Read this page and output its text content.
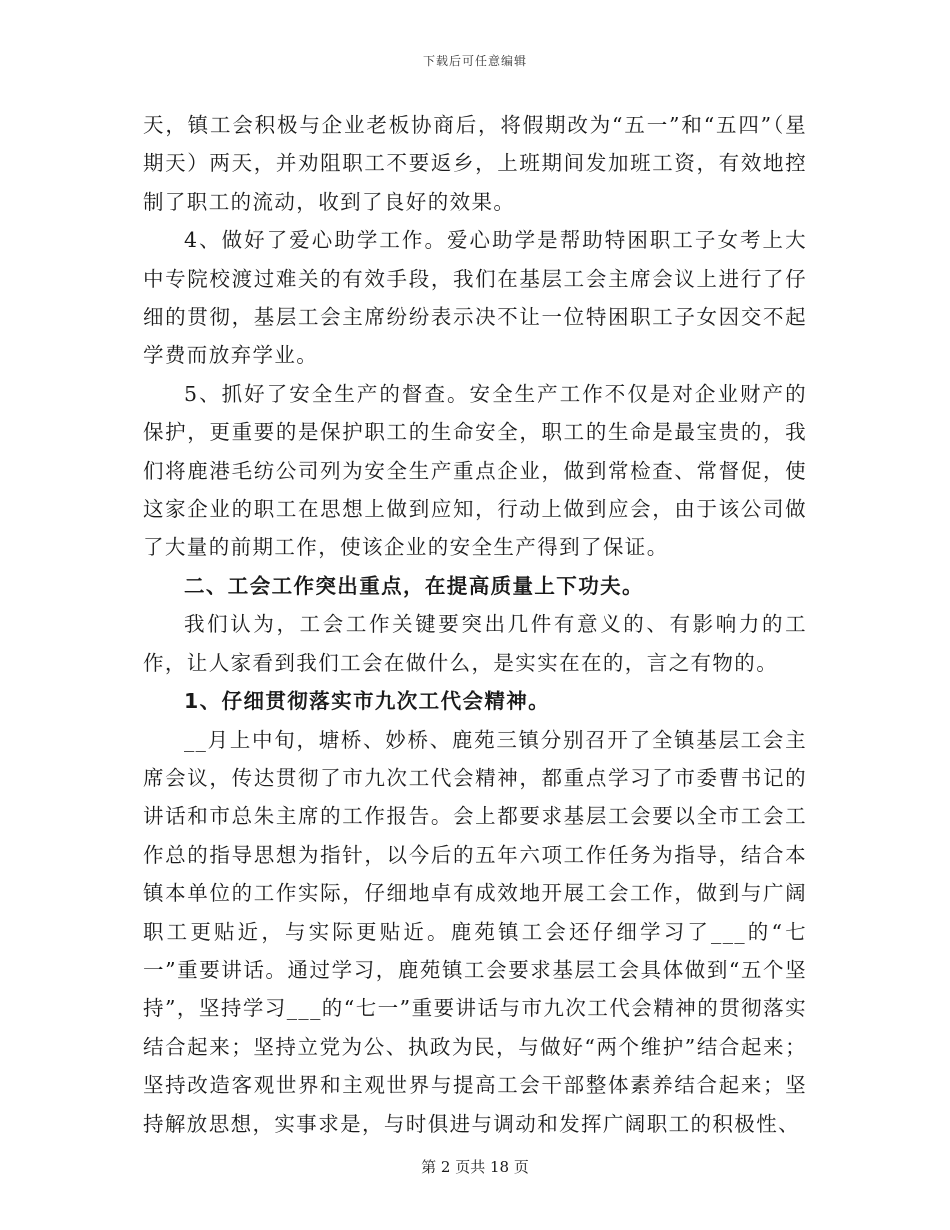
下载后可任意编辑

天，镇工会积极与企业老板协商后，将假期改为“五一”和“五四”（星期天）两天，并劝阻职工不要返乡，上班期间发加班工资，有效地控制了职工的流动，收到了良好的效果。

4、做好了爱心助学工作。爱心助学是帮助特困职工子女考上大中专院校渡过难关的有效手段，我们在基层工会主席会议上进行了仔细的贯彻，基层工会主席纷纷表示决不让一位特困职工子女因交不起学费而放弃学业。

5、抓好了安全生产的督查。安全生产工作不仅是对企业财产的保护，更重要的是保护职工的生命安全，职工的生命是最宝贵的，我们将鹿港毛纺公司列为安全生产重点企业，做到常检查、常督促，使这家企业的职工在思想上做到应知，行动上做到应会，由于该公司做了大量的前期工作，使该企业的安全生产得到了保证。

二、工会工作突出重点，在提高质量上下功夫。

我们认为，工会工作关键要突出几件有意义的、有影响力的工作，让人家看到我们工会在做什么，是实实在在的，言之有物的。

1、仔细贯彻落实市九次工代会精神。

__月上中旬，塘桥、妙桥、鹿苑三镇分别召开了全镇基层工会主席会议，传达贯彻了市九次工代会精神，都重点学习了市委曹书记的讲话和市总朱主席的工作报告。会上都要求基层工会要以全市工会工作总的指导思想为指针，以今后的五年六项工作任务为指导，结合本镇本单位的工作实际，仔细地卓有成效地开展工会工作，做到与广阔职工更贴近，与实际更贴近。鹿苑镇工会还仔细学习了___的“七一”重要讲话。通过学习，鹿苑镇工会要求基层工会具体做到“五个坚持”，坚持学习___的“七一”重要讲话与市九次工代会精神的贯彻落实结合起来；坚持立党为公、执政为民，与做好“两个维护”结合起来；坚持改造客观世界和主观世界与提高工会干部整体素养结合起来；坚持解放思想，实事求是，与时俱进与调动和发挥广阔职工的积极性、

第 2 页共 18 页
